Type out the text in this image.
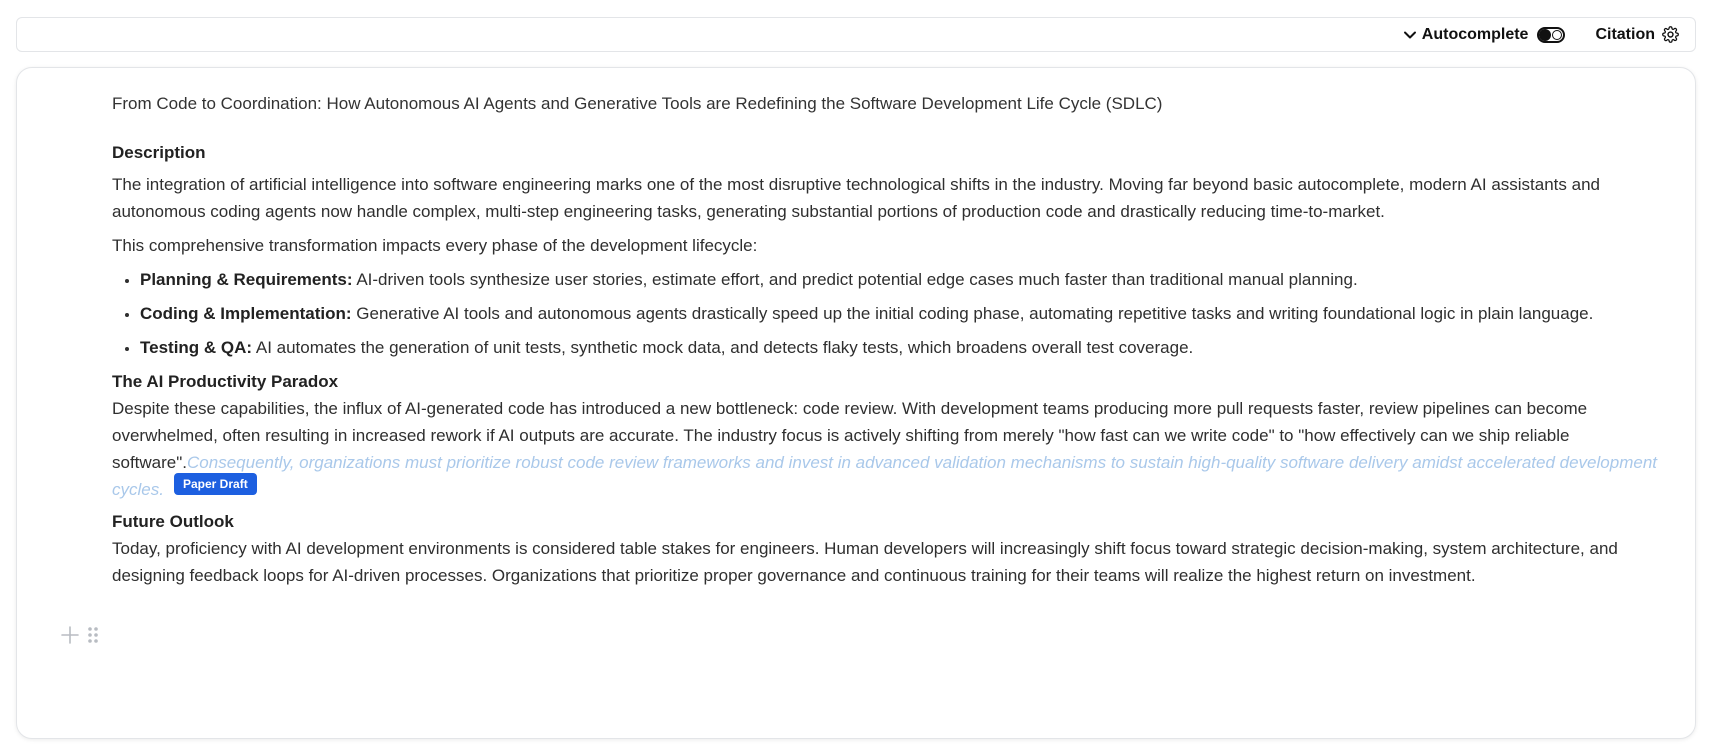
Autocomplete	Citation

From Code to Coordination: How Autonomous AI Agents and Generative Tools are Redefining the Software Development Life Cycle (SDLC)

Description

The integration of artificial intelligence into software engineering marks one of the most disruptive technological shifts in the industry. Moving far beyond basic autocomplete, modern AI assistants and autonomous coding agents now handle complex, multi-step engineering tasks, generating substantial portions of production code and drastically reducing time-to-market.

This comprehensive transformation impacts every phase of the development lifecycle:

• Planning & Requirements: AI-driven tools synthesize user stories, estimate effort, and predict potential edge cases much faster than traditional manual planning.
• Coding & Implementation: Generative AI tools and autonomous agents drastically speed up the initial coding phase, automating repetitive tasks and writing foundational logic in plain language.
• Testing & QA: AI automates the generation of unit tests, synthetic mock data, and detects flaky tests, which broadens overall test coverage.
The AI Productivity Paradox

Despite these capabilities, the influx of AI-generated code has introduced a new bottleneck: code review. With development teams producing more pull requests faster, review pipelines can become overwhelmed, often resulting in increased rework if AI outputs are accurate. The industry focus is actively shifting from merely "how fast can we write code" to "how effectively can we ship reliable software".Consequently, organizations must prioritize robust code review frameworks and invest in advanced validation mechanisms to sustain high-quality software delivery amidst accelerated development cycles.

Future Outlook

Today, proficiency with AI development environments is considered table stakes for engineers. Human developers will increasingly shift focus toward strategic decision-making, system architecture, and designing feedback loops for AI-driven processes. Organizations that prioritize proper governance and continuous training for their teams will realize the highest return on investment.

Paper Draft
